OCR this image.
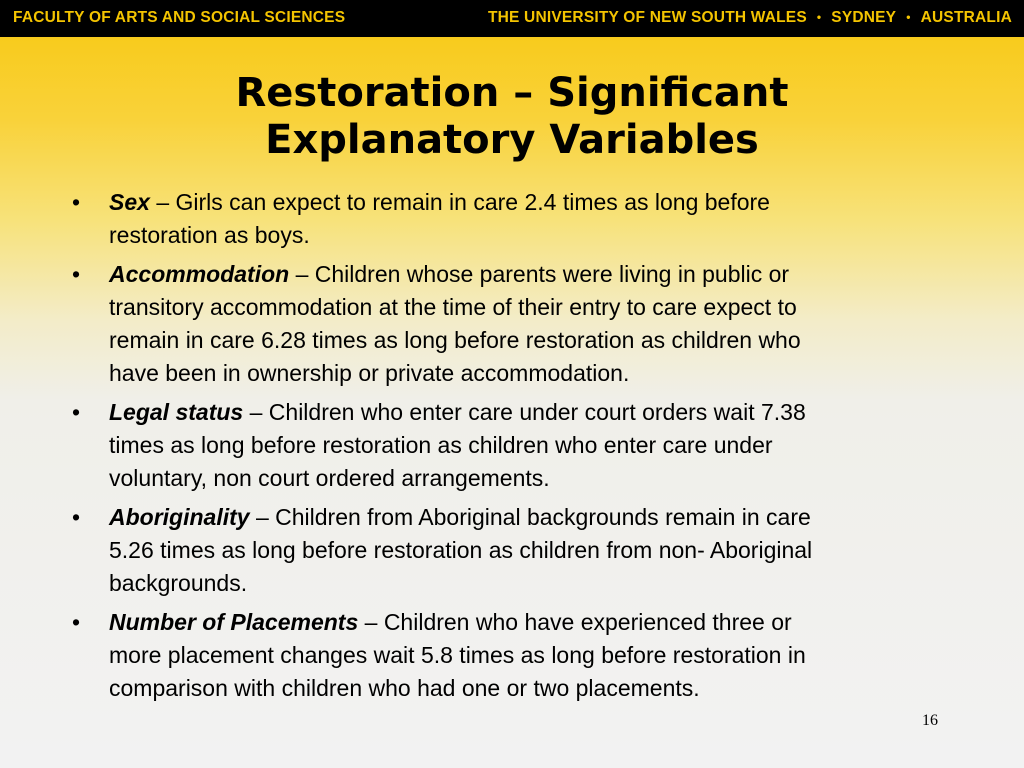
FACULTY OF ARTS AND SOCIAL SCIENCES	THE UNIVERSITY OF NEW SOUTH WALES • SYDNEY • AUSTRALIA
Restoration – Significant
Explanatory Variables
•	Sex – Girls can expect to remain in care 2.4 times as long before
restoration as boys.
•	Accommodation – Children whose parents were living in public or
transitory accommodation at the time of their entry to care expect to
remain in care 6.28 times as long before restoration as children who
have been in ownership or private accommodation.
•	Legal status – Children who enter care under court orders wait 7.38
times as long before restoration as children who enter care under
voluntary, non court ordered arrangements.
•	Aboriginality – Children from Aboriginal backgrounds remain in care
5.26 times as long before restoration as children from non- Aboriginal
backgrounds.
•	Number of Placements – Children who have experienced three or
more placement changes wait 5.8 times as long before restoration in
comparison with children who had one or two placements.
16
